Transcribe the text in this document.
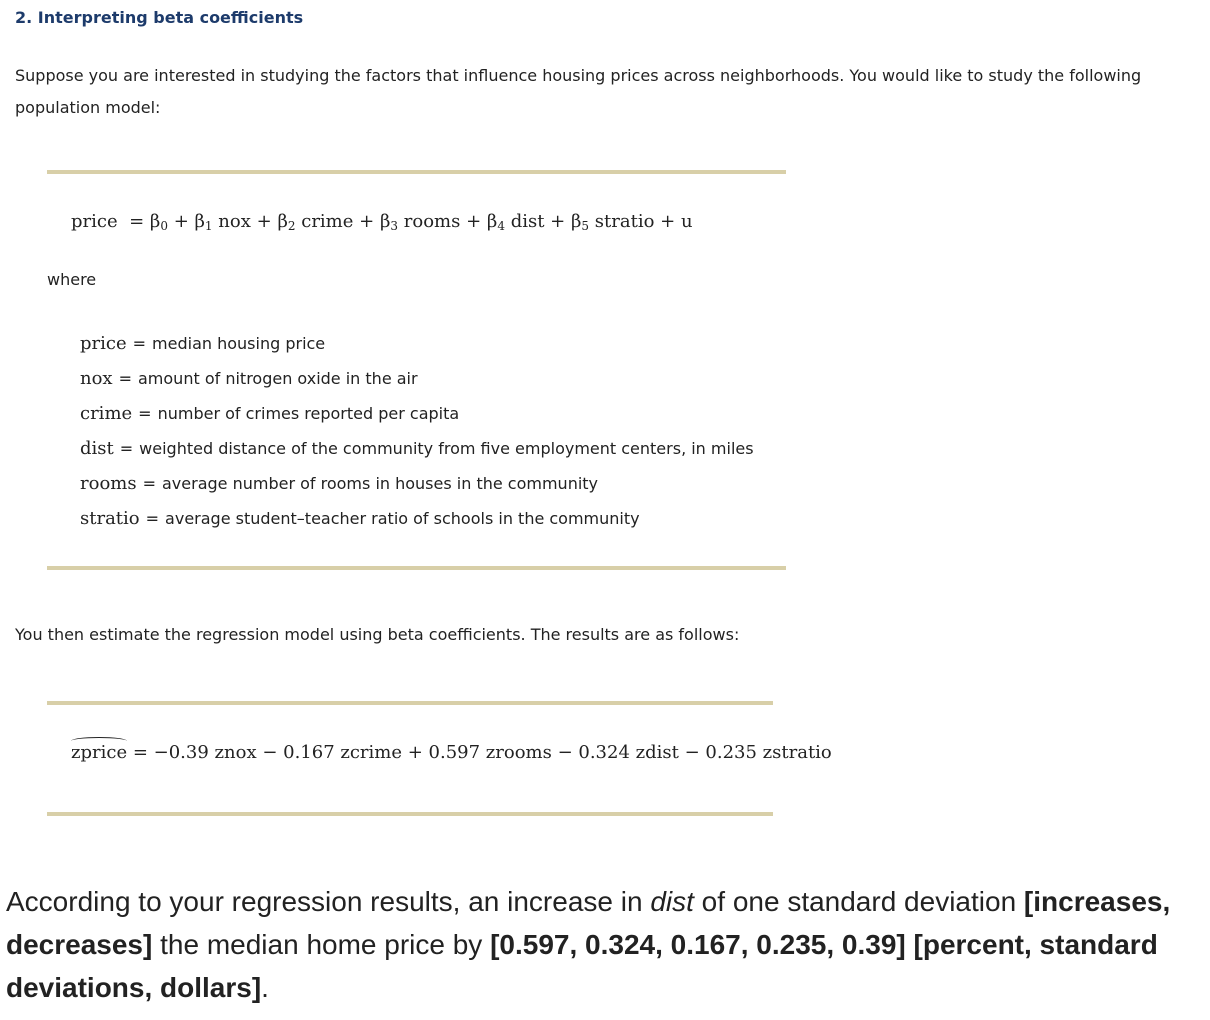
2. Interpreting beta coefficients
Suppose you are interested in studying the factors that influence housing prices across neighborhoods. You would like to study the following population model:
price = $\beta_0 + \beta_1$ nox + $\beta_2$ crime + $\beta_3$ rooms + $\beta_4$ dist + $\beta_5$ stratio + u
where
price = median housing price
nox = amount of nitrogen oxide in the air
crime = number of crimes reported per capita
dist = weighted distance of the community from five employment centers, in miles
rooms = average number of rooms in houses in the community
stratio = average student–teacher ratio of schools in the community
You then estimate the regression model using beta coefficients. The results are as follows:
zprice = −0.39 znox − 0.167 zcrime + 0.597 zrooms − 0.324 zdist − 0.235 zstratio
According to your regression results, an increase in dist of one standard deviation [increases, decreases] the median home price by [0.597, 0.324, 0.167, 0.235, 0.39] [percent, standard deviations, dollars].
